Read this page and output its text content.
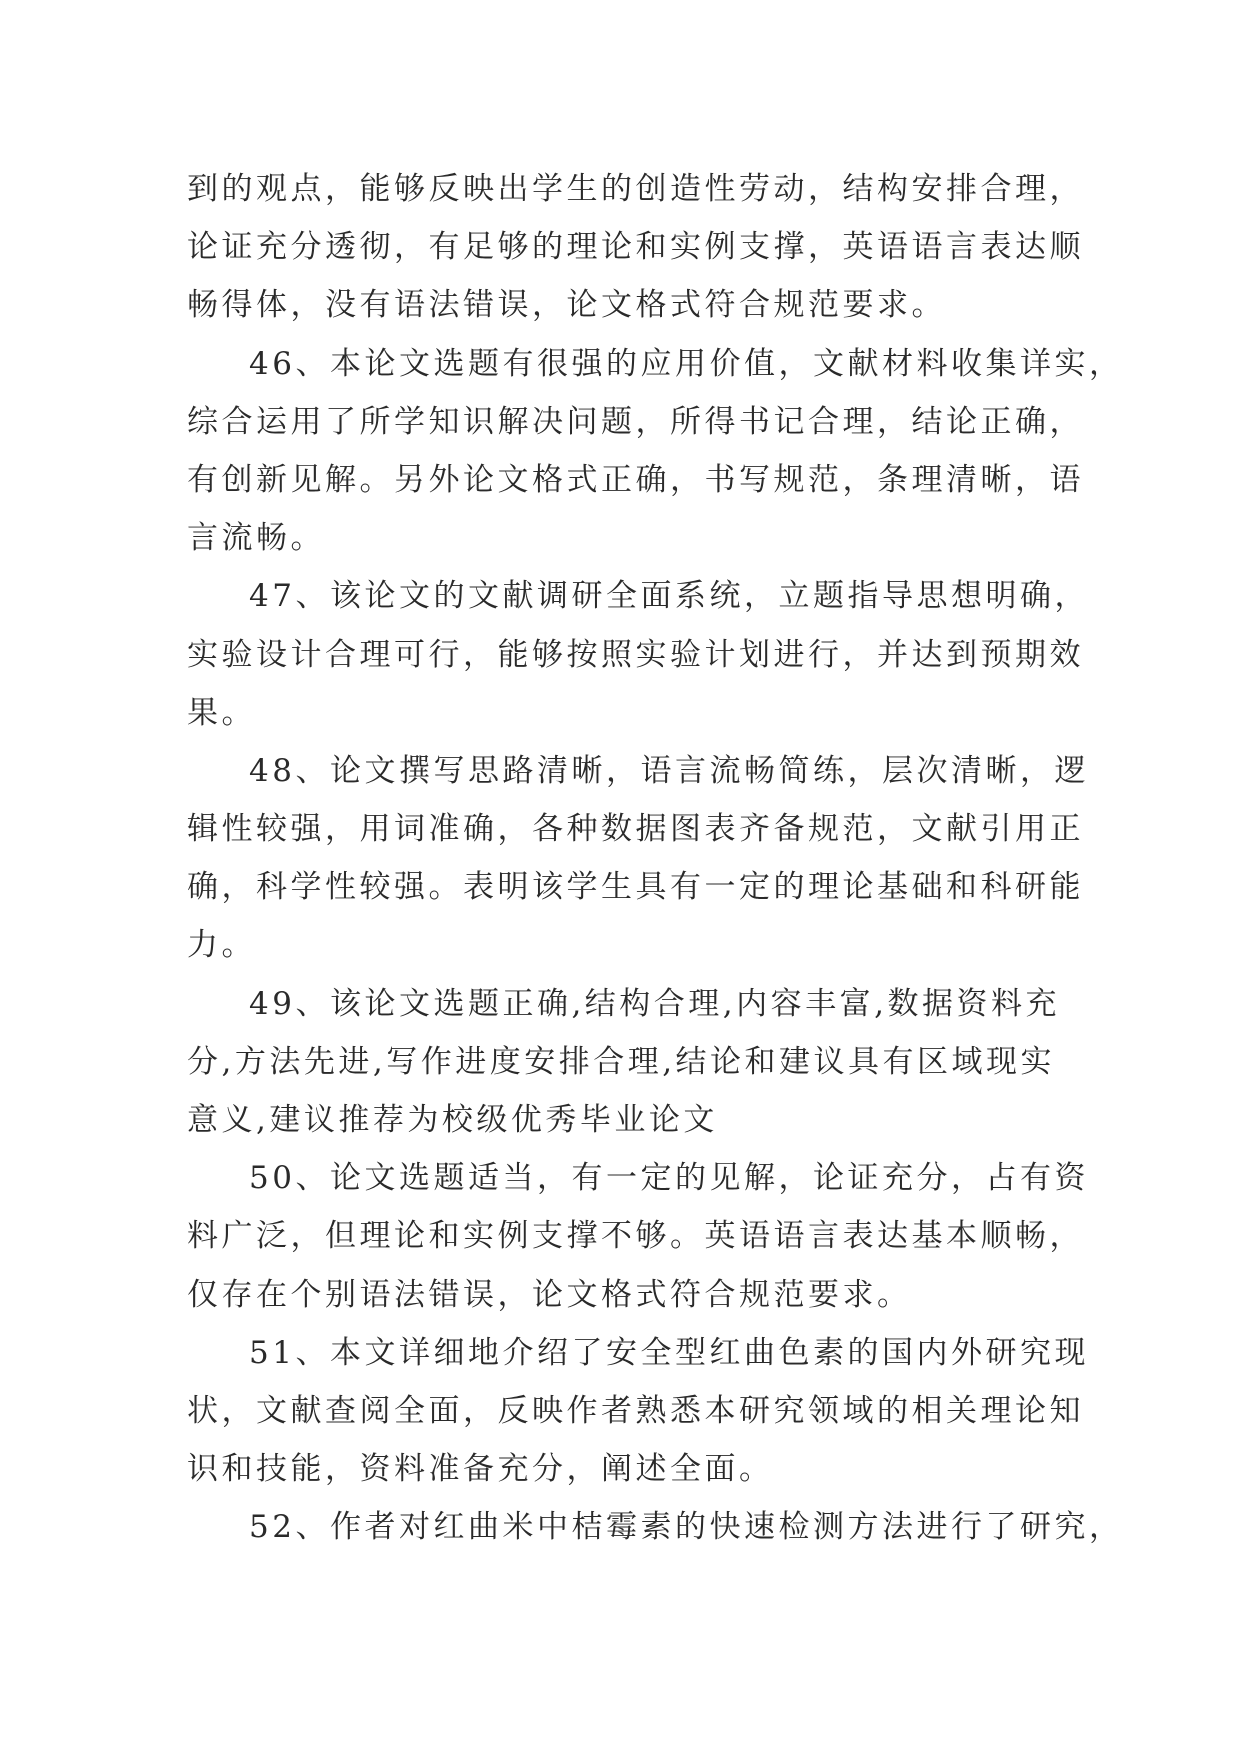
到的观点，能够反映出学生的创造性劳动，结构安排合理，
论证充分透彻，有足够的理论和实例支撑，英语语言表达顺
畅得体，没有语法错误，论文格式符合规范要求。
46、本论文选题有很强的应用价值，文献材料收集详实，
综合运用了所学知识解决问题，所得书记合理，结论正确，
有创新见解。另外论文格式正确，书写规范，条理清晰，语
言流畅。
47、该论文的文献调研全面系统，立题指导思想明确，
实验设计合理可行，能够按照实验计划进行，并达到预期效
果。
48、论文撰写思路清晰，语言流畅简练，层次清晰，逻
辑性较强，用词准确，各种数据图表齐备规范，文献引用正
确，科学性较强。表明该学生具有一定的理论基础和科研能
力。
49、该论文选题正确,结构合理,内容丰富,数据资料充
分,方法先进,写作进度安排合理,结论和建议具有区域现实
意义,建议推荐为校级优秀毕业论文
50、论文选题适当，有一定的见解，论证充分，占有资
料广泛，但理论和实例支撑不够。英语语言表达基本顺畅，
仅存在个别语法错误，论文格式符合规范要求。
51、本文详细地介绍了安全型红曲色素的国内外研究现
状，文献查阅全面，反映作者熟悉本研究领域的相关理论知
识和技能，资料准备充分，阐述全面。
52、作者对红曲米中桔霉素的快速检测方法进行了研究，
